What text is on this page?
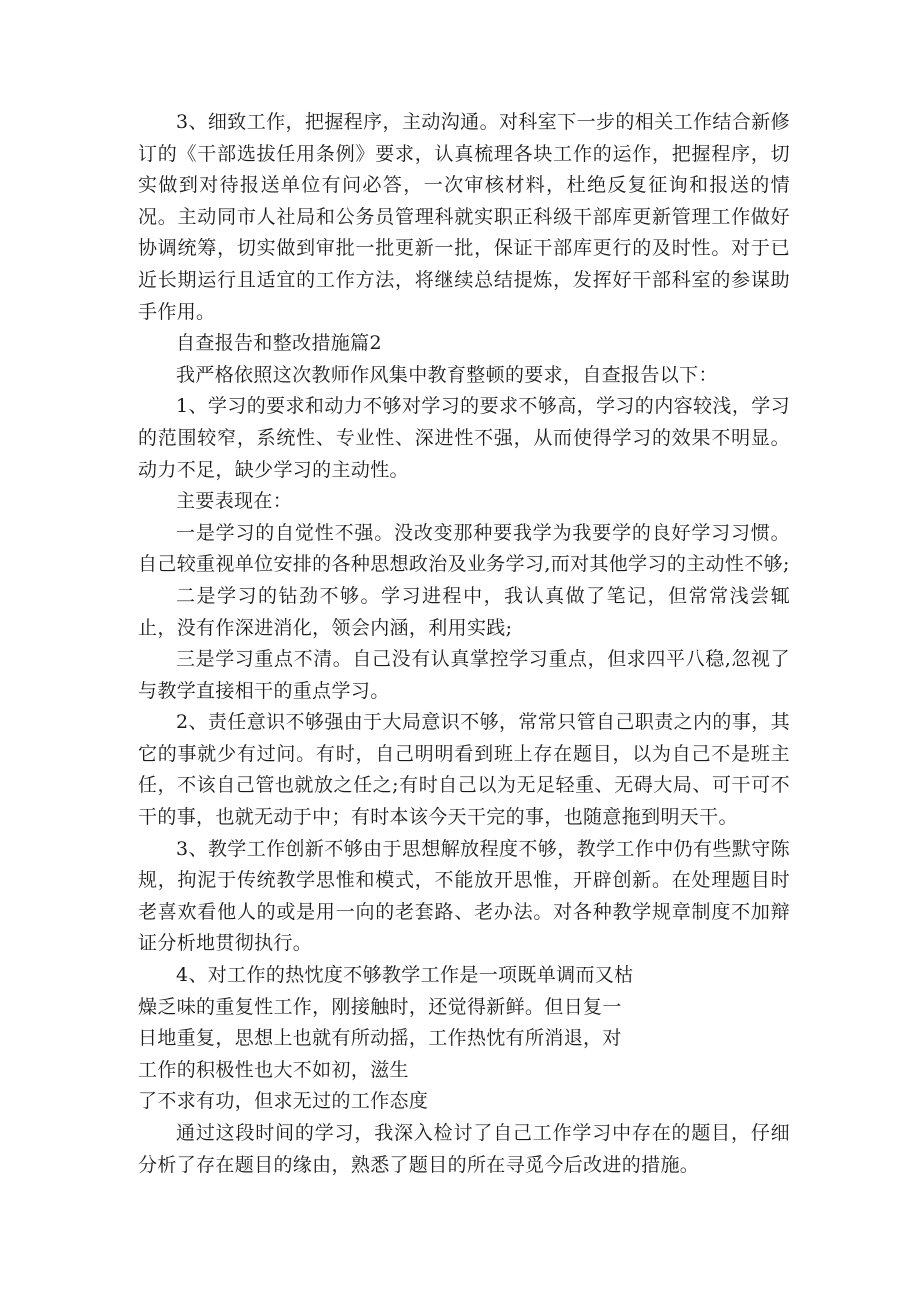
3、细致工作，把握程序，主动沟通。对科室下一步的相关工作结合新修订的《干部选拔任用条例》要求，认真梳理各块工作的运作，把握程序，切实做到对待报送单位有问必答，一次审核材料，杜绝反复征询和报送的情况。主动同市人社局和公务员管理科就实职正科级干部库更新管理工作做好协调统筹，切实做到审批一批更新一批，保证干部库更行的及时性。对于已近长期运行且适宜的工作方法，将继续总结提炼，发挥好干部科室的参谋助手作用。

自查报告和整改措施篇2

我严格依照这次教师作风集中教育整顿的要求，自查报告以下：

1、学习的要求和动力不够对学习的要求不够高，学习的内容较浅，学习的范围较窄，系统性、专业性、深进性不强，从而使得学习的效果不明显。动力不足，缺少学习的主动性。

主要表现在：

一是学习的自觉性不强。没改变那种要我学为我要学的良好学习习惯。自己较重视单位安排的各种思想政治及业务学习,而对其他学习的主动性不够;

二是学习的钻劲不够。学习进程中，我认真做了笔记，但常常浅尝辄止，没有作深进消化，领会内涵，利用实践;

三是学习重点不清。自己没有认真掌控学习重点，但求四平八稳,忽视了与教学直接相干的重点学习。

2、责任意识不够强由于大局意识不够，常常只管自己职责之内的事，其它的事就少有过问。有时，自己明明看到班上存在题目，以为自己不是班主任，不该自己管也就放之任之;有时自己以为无足轻重、无碍大局、可干可不干的事，也就无动于中；有时本该今天干完的事，也随意拖到明天干。

3、教学工作创新不够由于思想解放程度不够，教学工作中仍有些默守陈规，拘泥于传统教学思惟和模式，不能放开思惟，开辟创新。在处理题目时老喜欢看他人的或是用一向的老套路、老办法。对各种教学规章制度不加辩证分析地贯彻执行。

4、对工作的热忱度不够教学工作是一项既单调而又枯燥乏味的重复性工作，刚接触时，还觉得新鲜。但日复一日地重复，思想上也就有所动摇，工作热忱有所消退，对工作的积极性也大不如初，滋生

了不求有功，但求无过的工作态度

通过这段时间的学习，我深入检讨了自己工作学习中存在的题目，仔细分析了存在题目的缘由，熟悉了题目的所在寻觅今后改进的措施。
